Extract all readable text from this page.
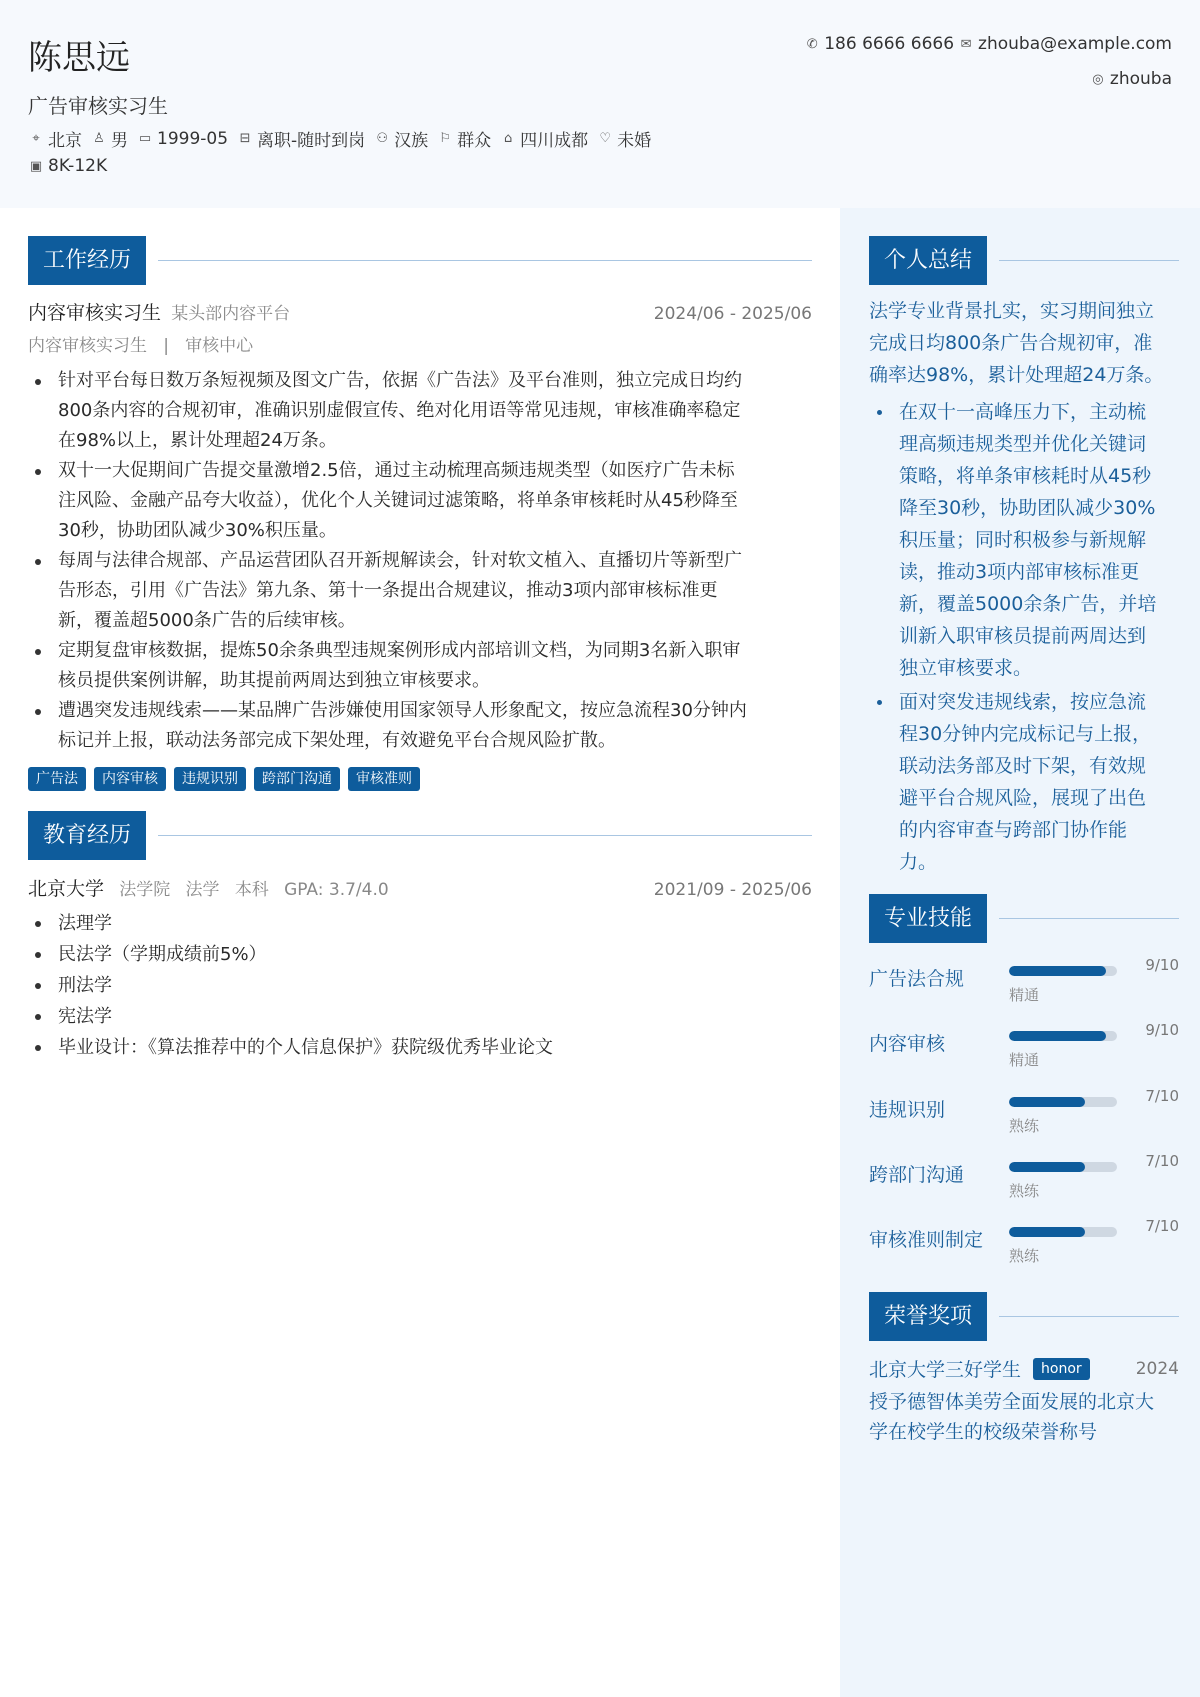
陈思远
广告审核实习生
⌖ 北京 ♙ 男 ▭ 1999-05 ⊟ 离职-随时到岗 ⚇ 汉族 ⚐ 群众 ⌂ 四川成都 ♡ 未婚
▣ 8K-12K
✆ 186 6666 6666 ✉ zhouba@example.com
◎ zhouba
工作经历
内容审核实习生 某头部内容平台	2024/06 - 2025/06
内容审核实习生 | 审核中心
针对平台每日数万条短视频及图文广告，依据《广告法》及平台准则，独立完成日均约
800条内容的合规初审，准确识别虚假宣传、绝对化用语等常见违规，审核准确率稳定
在98%以上，累计处理超24万条。
双十一大促期间广告提交量激增2.5倍，通过主动梳理高频违规类型（如医疗广告未标
注风险、金融产品夸大收益），优化个人关键词过滤策略，将单条审核耗时从45秒降至
30秒，协助团队减少30%积压量。
每周与法律合规部、产品运营团队召开新规解读会，针对软文植入、直播切片等新型广
告形态，引用《广告法》第九条、第十一条提出合规建议，推动3项内部审核标准更
新，覆盖超5000条广告的后续审核。
定期复盘审核数据，提炼50余条典型违规案例形成内部培训文档，为同期3名新入职审
核员提供案例讲解，助其提前两周达到独立审核要求。
遭遇突发违规线索——某品牌广告涉嫌使用国家领导人形象配文，按应急流程30分钟内
标记并上报，联动法务部完成下架处理，有效避免平台合规风险扩散。
广告法	内容审核	违规识别	跨部门沟通	审核准则
教育经历
北京大学 法学院 法学 本科 GPA: 3.7/4.0	2021/09 - 2025/06
法理学
民法学（学期成绩前5%）
刑法学
宪法学
毕业设计：《算法推荐中的个人信息保护》获院级优秀毕业论文
个人总结
法学专业背景扎实，实习期间独立
完成日均800条广告合规初审，准
确率达98%，累计处理超24万条。
在双十一高峰压力下，主动梳
理高频违规类型并优化关键词
策略，将单条审核耗时从45秒
降至30秒，协助团队减少30%
积压量；同时积极参与新规解
读，推动3项内部审核标准更
新，覆盖5000余条广告，并培
训新入职审核员提前两周达到
独立审核要求。
面对突发违规线索，按应急流
程30分钟内完成标记与上报，
联动法务部及时下架，有效规
避平台合规风险，展现了出色
的内容审查与跨部门协作能
力。
专业技能
广告法合规
9/10
精通
内容审核
9/10
精通
违规识别
7/10
熟练
跨部门沟通
7/10
熟练
审核准则制定
7/10
熟练
荣誉奖项
北京大学三好学生	honor	2024
授予德智体美劳全面发展的北京大
学在校学生的校级荣誉称号
